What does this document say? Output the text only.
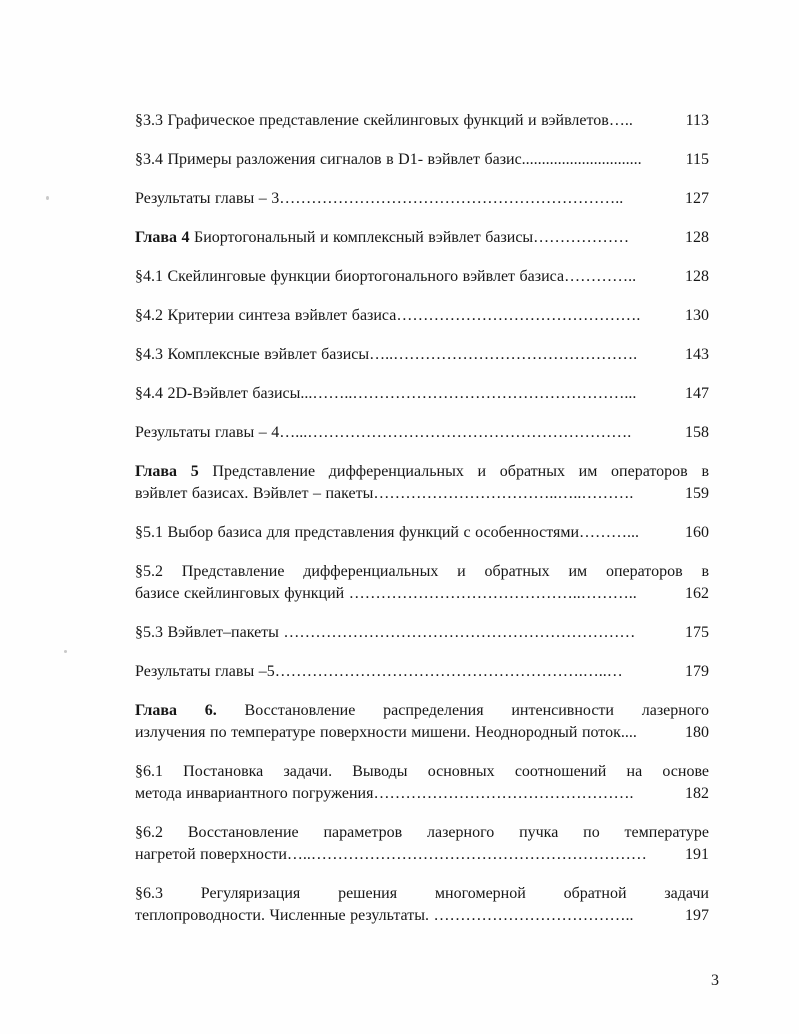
§3.3 Графическое представление скейлинговых функций и вэйвлетов…..	113
§3.4 Примеры разложения сигналов в D1- вэйвлет базис..............................	115
Результаты главы – 3………………………………………………………..	127
Глава 4 Биортогональный и комплексный вэйвлет базисы………………	128
§4.1 Скейлинговые функции биортогонального вэйвлет базиса…………..	128
§4.2 Критерии синтеза вэйвлет базиса……………………………………….	130
§4.3 Комплексные вэйвлет базисы…..……………………………………….	143
§4.4 2D-Вэйвлет базисы...……..……………………………………………...	147
Результаты главы – 4…...…………………………………………………….	158
Глава 5 Представление дифференциальных и обратных им операторов в
вэйвлет базисах. Вэйвлет – пакеты……………………………..…..……….	159
§5.1 Выбор базиса для представления функций с особенностями………...	160
§5.2 Представление дифференциальных и обратных им операторов в
базисе скейлинговых функций ……………………………………..………..	162
§5.3 Вэйвлет–пакеты …………………………………………………………	175
Результаты главы –5………………………………………………….…..…	179
Глава 6. Восстановление распределения интенсивности лазерного
излучения по температуре поверхности мишени. Неоднородный поток....	180
§6.1 Постановка задачи. Выводы основных соотношений на основе
метода инвариантного погружения………………………………………….	182
§6.2 Восстановление параметров лазерного пучка по температуре
нагретой поверхности…..………………………………………………………	191
§6.3 Регуляризация решения многомерной обратной задачи
теплопроводности. Численные результаты. ………………………………..	197
3
